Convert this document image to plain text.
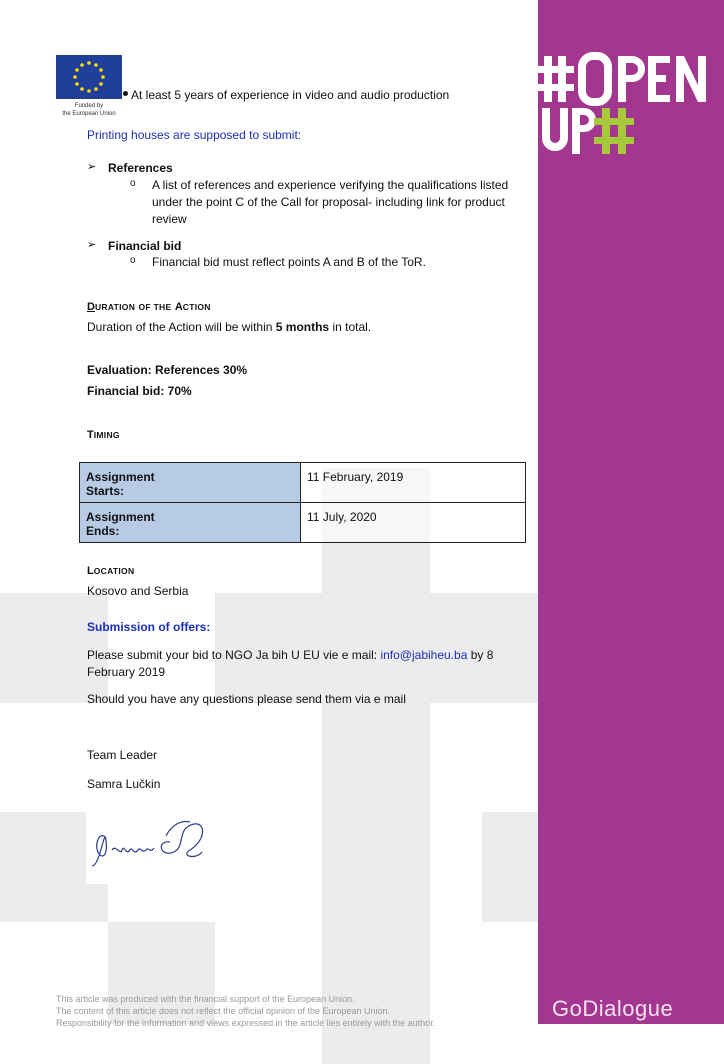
GoDialogue
Funded by
the European Union
At least 5 years of experience in video and audio production
Printing houses are supposed to submit:
➢ References
o A list of references and experience verifying the qualifications listed
under the point C of the Call for proposal- including link for product
review
➢ Financial bid
o Financial bid must reflect points A and B of the ToR.
DURATION OF THE ACTION
Duration of the Action will be within 5 months in total.
Evaluation: References 30%
Financial bid: 70%
TIMING
Assignment
Starts:	11 February, 2019

Assignment
Ends:	11 July, 2020
LOCATION
Kosovo and Serbia
Submission of offers:
Please submit your bid to NGO Ja bih U EU vie e mail: info@jabiheu.ba by 8
February 2019
Should you have any questions please send them via e mail
Team Leader
Samra Lučkin
This article was produced with the financial support of the European Union.
The content of this article does not reflect the official opinion of the European Union.
Responsibility for the information and views expressed in the article lies entirely with the author.
